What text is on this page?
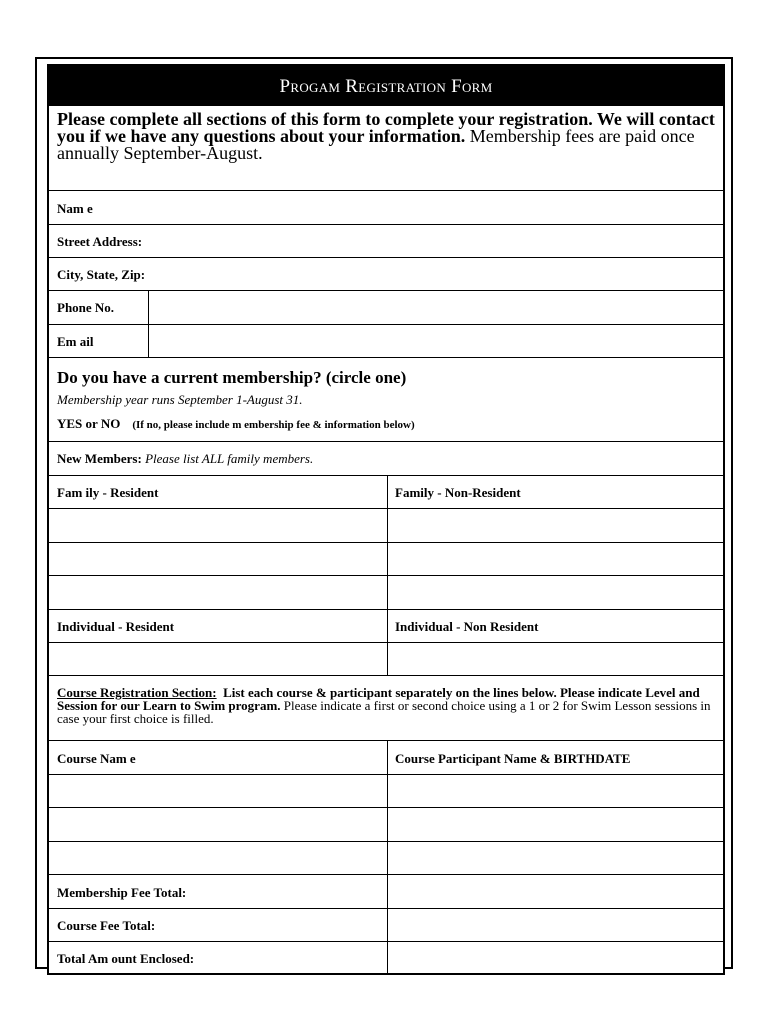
Progam Registration Form
Please complete all sections of this form to complete your registration. We will contact you if we have any questions about your information. Membership fees are paid once annually September-August.
Nam e
Street Address:
City, State, Zip:
Phone No.
Em ail
Do you have a current membership? (circle one)
Membership year runs September 1-August 31.
YES or NO (If no, please include m embership fee & information below)
New Members: Please list ALL family members.
Fam ily - Resident	Family - Non-Resident
Individual - Resident	Individual - Non Resident
Course Registration Section: List each course & participant separately on the lines below. Please indicate Level and Session for our Learn to Swim program. Please indicate a first or second choice using a 1 or 2 for Swim Lesson sessions in case your first choice is filled.
Course Nam e	Course Participant Name & BIRTHDATE
Membership Fee Total:
Course Fee Total:
Total Am ount Enclosed:
